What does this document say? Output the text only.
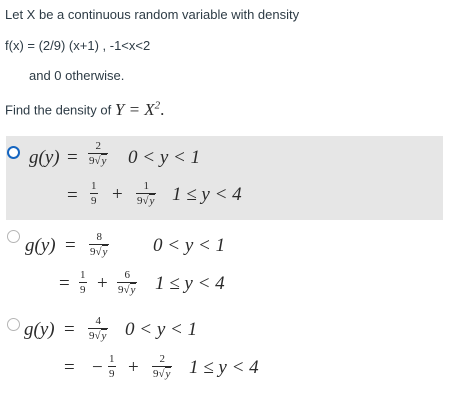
Let X be a continuous random variable with density
f(x) = (2/9) (x+1) , -1<x<2
and 0 otherwise.
Find the density of $Y = X^2$.
g(y) =
2
9√y 0 < y < 1
= 1
9 + 1
9√y 1 ≤ y < 4
g(y) = 8
9√y 0 < y < 1
= 1
9 + 6
9√y 1 ≤ y < 4
g(y) = 4
9√y 0 < y < 1
= − 1
9 + 2
9√y 1 ≤ y < 4
